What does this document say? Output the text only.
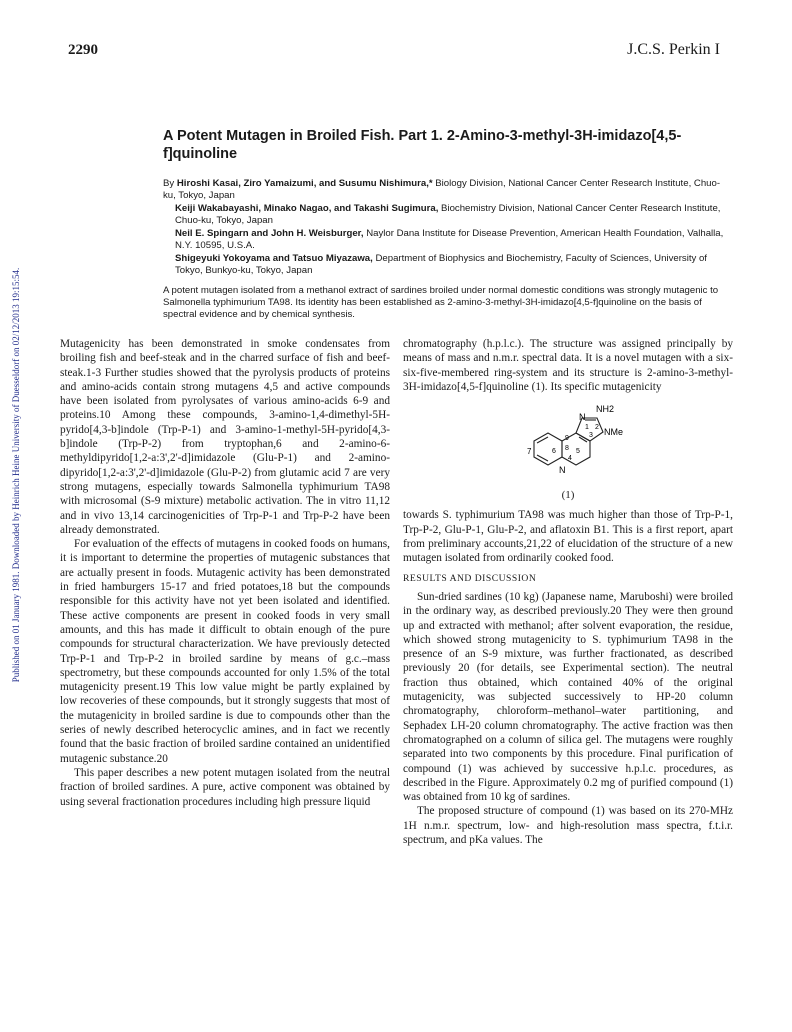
2290	J.C.S. Perkin I
Published on 01 January 1981. Downloaded by Heinrich Heine University of Duesseldorf on 02/12/2013 19:15:54.
A Potent Mutagen in Broiled Fish. Part 1. 2-Amino-3-methyl-3H-imidazo[4,5-f]quinoline
By Hiroshi Kasai, Ziro Yamaizumi, and Susumu Nishimura,* Biology Division, National Cancer Center Research Institute, Chuo-ku, Tokyo, Japan
Keiji Wakabayashi, Minako Nagao, and Takashi Sugimura, Biochemistry Division, National Cancer Center Research Institute, Chuo-ku, Tokyo, Japan
Neil E. Spingarn and John H. Weisburger, Naylor Dana Institute for Disease Prevention, American Health Foundation, Valhalla, N.Y. 10595, U.S.A.
Shigeyuki Yokoyama and Tatsuo Miyazawa, Department of Biophysics and Biochemistry, Faculty of Sciences, University of Tokyo, Bunkyo-ku, Tokyo, Japan
A potent mutagen isolated from a methanol extract of sardines broiled under normal domestic conditions was strongly mutagenic to Salmonella typhimurium TA98. Its identity has been established as 2-amino-3-methyl-3H-imidazo[4,5-f]quinoline on the basis of spectral evidence and by chemical synthesis.

Mutagenicity has been demonstrated in smoke condensates from broiling fish and beef-steak and in the charred surface of fish and beef-steak.1-3 Further studies showed that the pyrolysis products of proteins and amino-acids contain strong mutagens 4,5 and active compounds have been isolated from pyrolysates of various amino-acids 6-9 and proteins.10 Among these compounds, 3-amino-1,4-dimethyl-5H-pyrido[4,3-b]indole (Trp-P-1) and 3-amino-1-methyl-5H-pyrido[4,3-b]indole (Trp-P-2) from tryptophan,6 and 2-amino-6-methyldipyrido[1,2-a:3',2'-d]imidazole (Glu-P-1) and 2-amino-dipyrido[1,2-a:3',2'-d]imidazole (Glu-P-2) from glutamic acid 7 are very strong mutagens, especially towards Salmonella typhimurium TA98 with microsomal (S-9 mixture) metabolic activation. The in vitro 11,12 and in vivo 13,14 carcinogenicities of Trp-P-1 and Trp-P-2 have been already demonstrated.

For evaluation of the effects of mutagens in cooked foods on humans, it is important to determine the properties of mutagenic substances that are actually present in foods. Mutagenic activity has been demonstrated in fried hamburgers 15-17 and fried potatoes,18 but the compounds responsible for this activity have not yet been isolated and identified. These active components are present in cooked foods in very small amounts, and this has made it difficult to obtain enough of the pure compounds for structural characterization. We have previously detected Trp-P-1 and Trp-P-2 in broiled sardine by means of g.c.–mass spectrometry, but these compounds accounted for only 1.5% of the total mutagenicity present.19 This low value might be partly explained by low recoveries of these compounds, but it strongly suggests that most of the mutagenicity in broiled sardine is due to compounds other than the series of newly described heterocyclic amines, and in fact we recently found that the basic fraction of broiled sardine contained an unidentified mutagenic substance.20

This paper describes a new potent mutagen isolated from the neutral fraction of broiled sardines. A pure, active component was obtained by using several fractionation procedures including high pressure liquid

chromatography (h.p.l.c.). The structure was assigned principally by means of mass and n.m.r. spectral data. It is a novel mutagen with a six-six-five-membered ring-system and its structure is 2-amino-3-methyl-3H-imidazo[4,5-f]quinoline (1). Its specific mutagenicity

N
NH2
1 2
3 NMe
9
8
7	6	5
4
N
(1)

towards S. typhimurium TA98 was much higher than those of Trp-P-1, Trp-P-2, Glu-P-1, Glu-P-2, and aflatoxin B1. This is a first report, apart from preliminary accounts,21,22 of elucidation of the structure of a new mutagen isolated from ordinarily cooked food.

RESULTS AND DISCUSSION

Sun-dried sardines (10 kg) (Japanese name, Maruboshi) were broiled in the ordinary way, as described previously.20 They were then ground up and extracted with methanol; after solvent evaporation, the residue, which showed strong mutagenicity to S. typhimurium TA98 in the presence of an S-9 mixture, was further fractionated, as described previously 20 (for details, see Experimental section). The neutral fraction thus obtained, which contained 40% of the original mutagenicity, was subjected successively to HP-20 column chromatography, chloroform–methanol–water partitioning, and Sephadex LH-20 column chromatography. The active fraction was then chromatographed on a column of silica gel. The mutagens were roughly separated into two components by this procedure. Final purification of compound (1) was achieved by successive h.p.l.c. procedures, as described in the Figure. Approximately 0.2 mg of purified compound (1) was obtained from 10 kg of sardines.

The proposed structure of compound (1) was based on its 270-MHz 1H n.m.r. spectrum, low- and high-resolution mass spectra, f.t.i.r. spectrum, and pKa values. The
